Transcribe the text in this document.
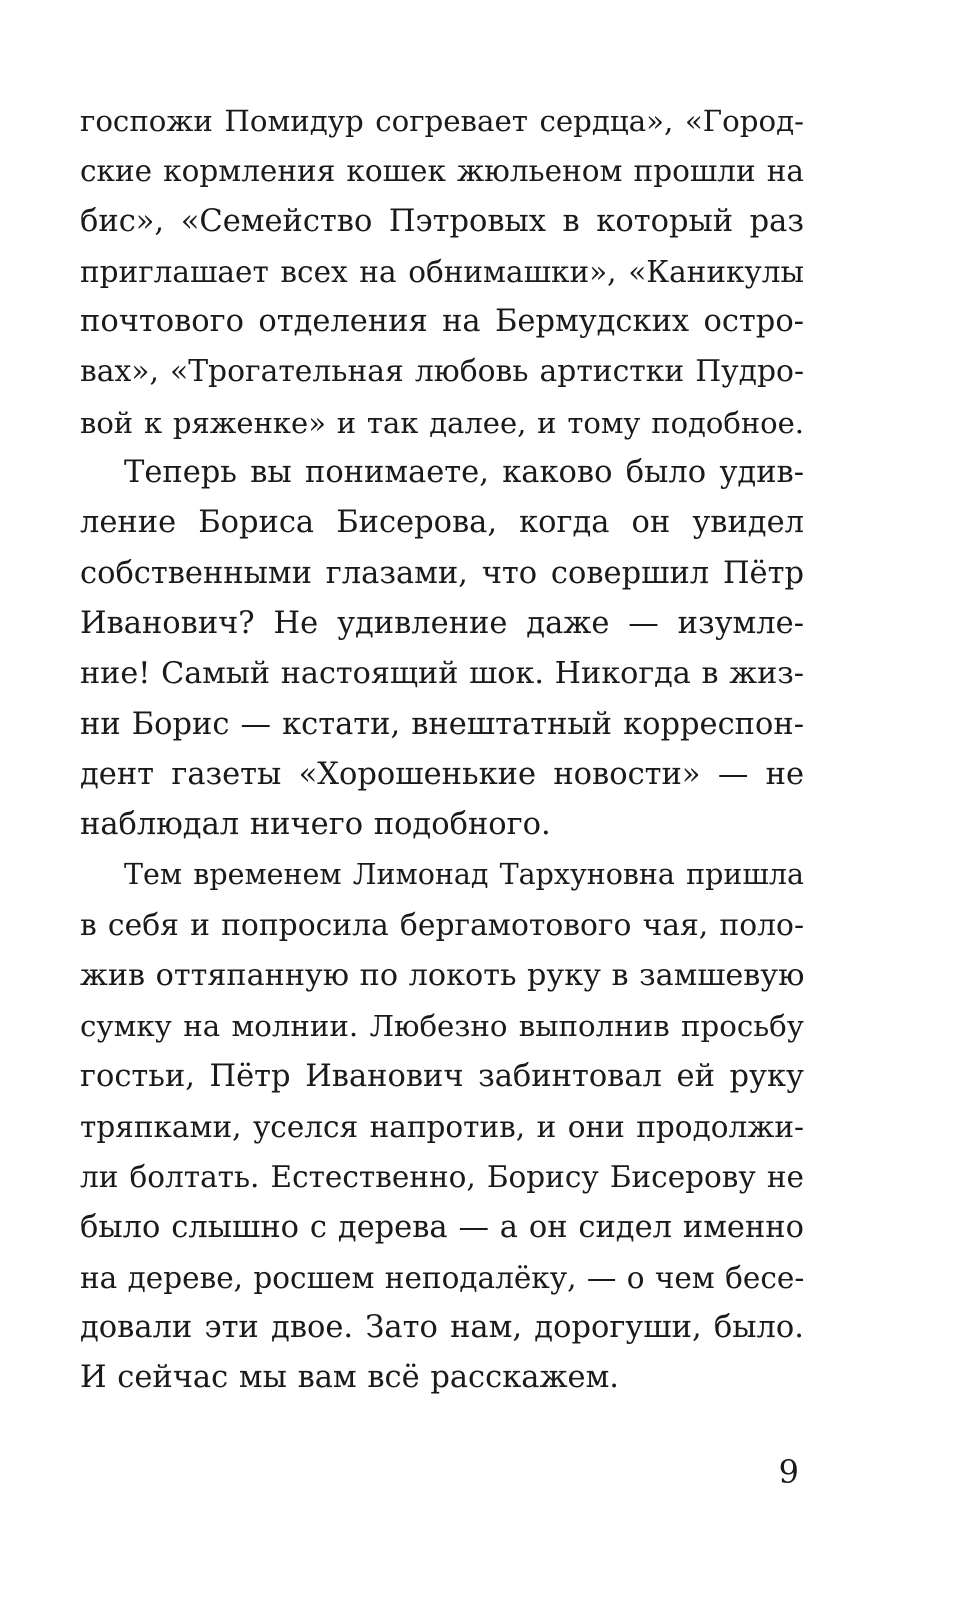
госпожи Помидур согревает сердца», «Город-
ские кормления кошек жюльеном прошли на
бис», «Семейство Пэтровых в который раз
приглашает всех на обнимашки», «Каникулы
почтового отделения на Бермудских остро-
вах», «Трогательная любовь артистки Пудро-
вой к ряженке» и так далее, и тому подобное.
Теперь вы понимаете, каково было удив-
ление Бориса Бисерова, когда он увидел
собственными глазами, что совершил Пётр
Иванович? Не удивление даже — изумле-
ние! Самый настоящий шок. Никогда в жиз-
ни Борис — кстати, внештатный корреспон-
дент газеты «Хорошенькие новости» — не
наблюдал ничего подобного.
Тем временем Лимонад Тархуновна пришла
в себя и попросила бергамотового чая, поло-
жив оттяпанную по локоть руку в замшевую
сумку на молнии. Любезно выполнив просьбу
гостьи, Пётр Иванович забинтовал ей руку
тряпками, уселся напротив, и они продолжи-
ли болтать. Естественно, Борису Бисерову не
было слышно с дерева — а он сидел именно
на дереве, росшем неподалёку, — о чем бесе-
довали эти двое. Зато нам, дорогуши, было.
И сейчас мы вам всё расскажем.
9
